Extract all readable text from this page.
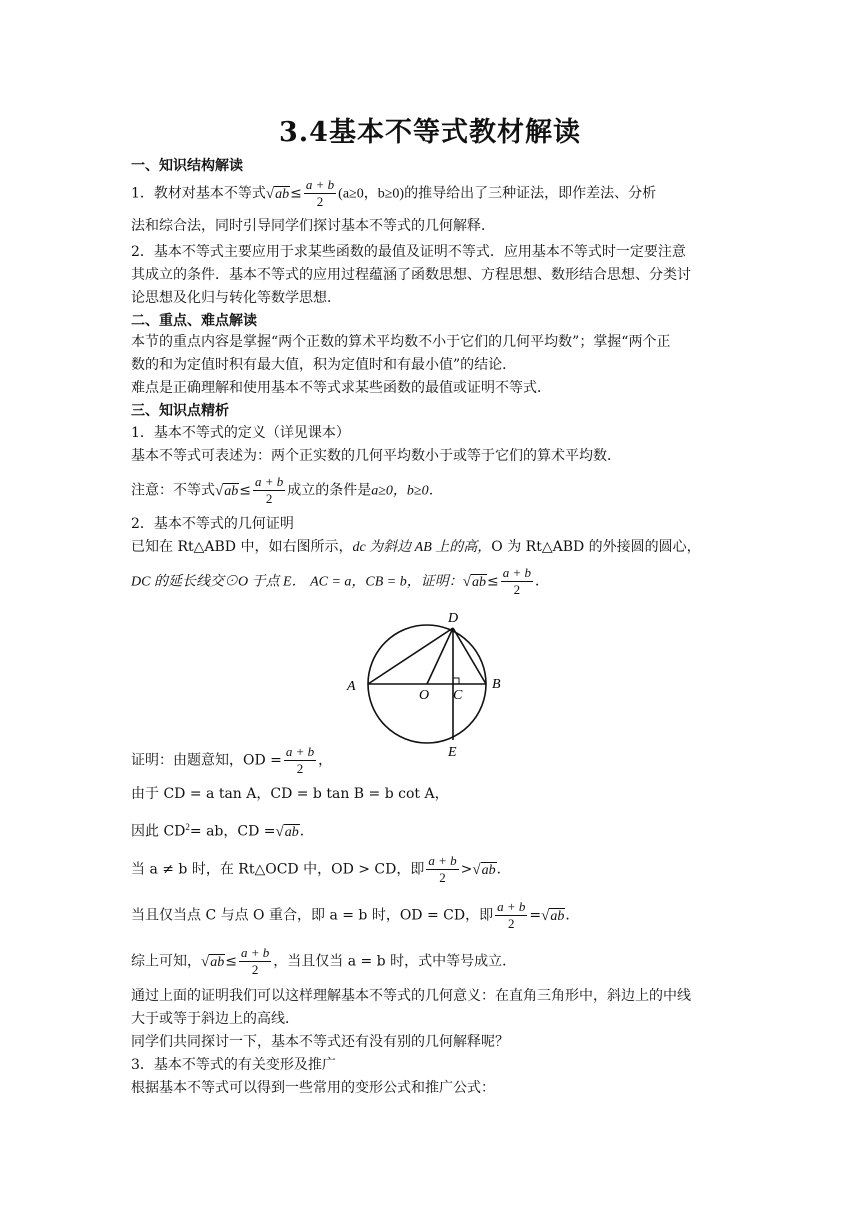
3.4基本不等式教材解读
一、知识结构解读
1．教材对基本不等式$√ab\le \frac{a + b}{2} (a\ge 0$，b≥0)的推导给出了三种证法，即作差法、分析
法和综合法，同时引导同学们探讨基本不等式的几何解释．
2．基本不等式主要应用于求某些函数的最值及证明不等式．应用基本不等式时一定要注意
其成立的条件．基本不等式的应用过程蕴涵了函数思想、方程思想、数形结合思想、分类讨
论思想及化归与转化等数学思想．
二、重点、难点解读
本节的重点内容是掌握“两个正数的算术平均数不小于它们的几何平均数”；掌握“两个正
数的和为定值时积有最大值，积为定值时和有最小值”的结论．
难点是正确理解和使用基本不等式求某些函数的最值或证明不等式．
三、知识点精析
1．基本不等式的定义（详见课本）
基本不等式可表述为：两个正实数的几何平均数小于或等于它们的算术平均数．
注意：不等式$√ab\le \frac{a + b}{2}$ 成立的条件是a≥0，b≥0．
2．基本不等式的几何证明
已知在 Rt△ABD 中，如右图所示，dc 为斜边 AB 上的高，O 为 Rt△ABD 的外接圆的圆心，
DC 的延长线交⊙O 于点 E． AC = a，CB = b，证明：$√ab\le \frac{a + b}{2}$ ．
A	B
D
O C
E
证明：由题意知，OD = $\frac{a + b}{2}$ ，
由于 CD = a tan A，CD = b tan B = b cot A，
因此 $CD^2=$ ab，CD =√ab．
当 a ≠ b 时，在 Rt△OCD 中，OD > CD，即 $\frac{a + b}{2} >√ab$．
当且仅当点 C 与点 O 重合，即 a = b 时，OD = CD，即 $\frac{a + b}{2} =√ab$．
综上可知，$√ab\le \frac{a + b}{2}$ ，当且仅当 a = b 时，式中等号成立．
通过上面的证明我们可以这样理解基本不等式的几何意义：在直角三角形中，斜边上的中线
大于或等于斜边上的高线．
同学们共同探讨一下，基本不等式还有没有别的几何解释呢？
3．基本不等式的有关变形及推广
根据基本不等式可以得到一些常用的变形公式和推广公式：
